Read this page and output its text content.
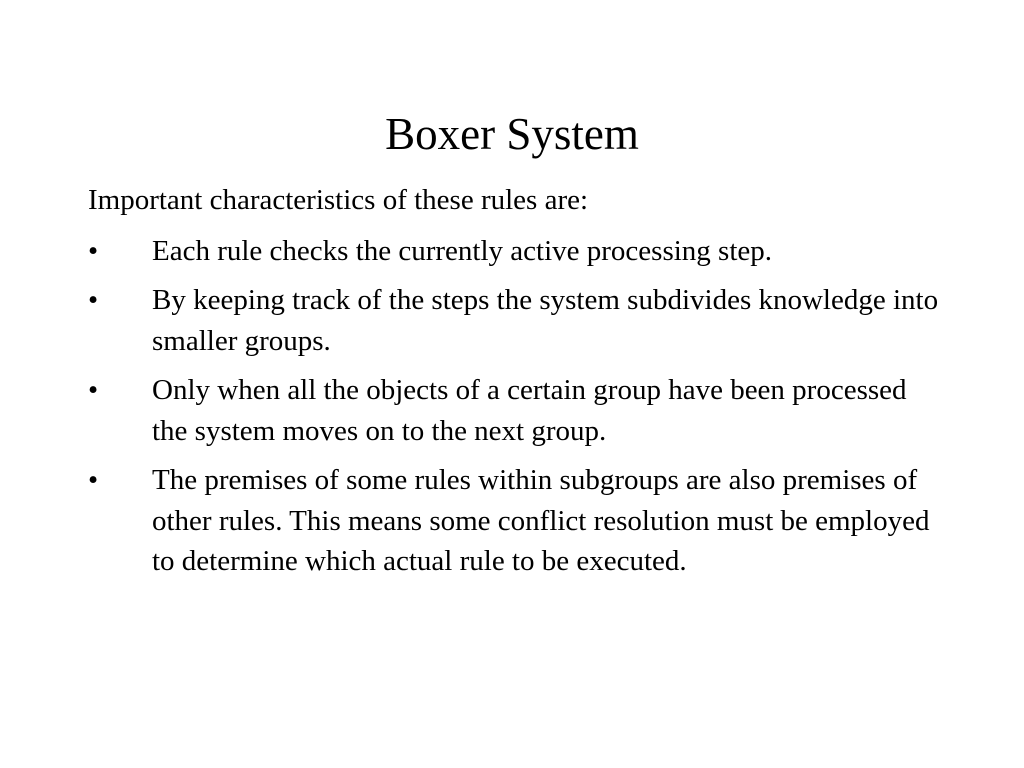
Boxer System

Important characteristics of these rules are:

•	Each rule checks the currently active processing step.
•	By keeping track of the steps the system subdivides knowledge into smaller groups.
•	Only when all the objects of a certain group have been processed  the system moves on to the next group.
•	The premises of some rules within subgroups are also premises of other rules. This means some conflict resolution must be employed to determine which actual rule to be executed.
